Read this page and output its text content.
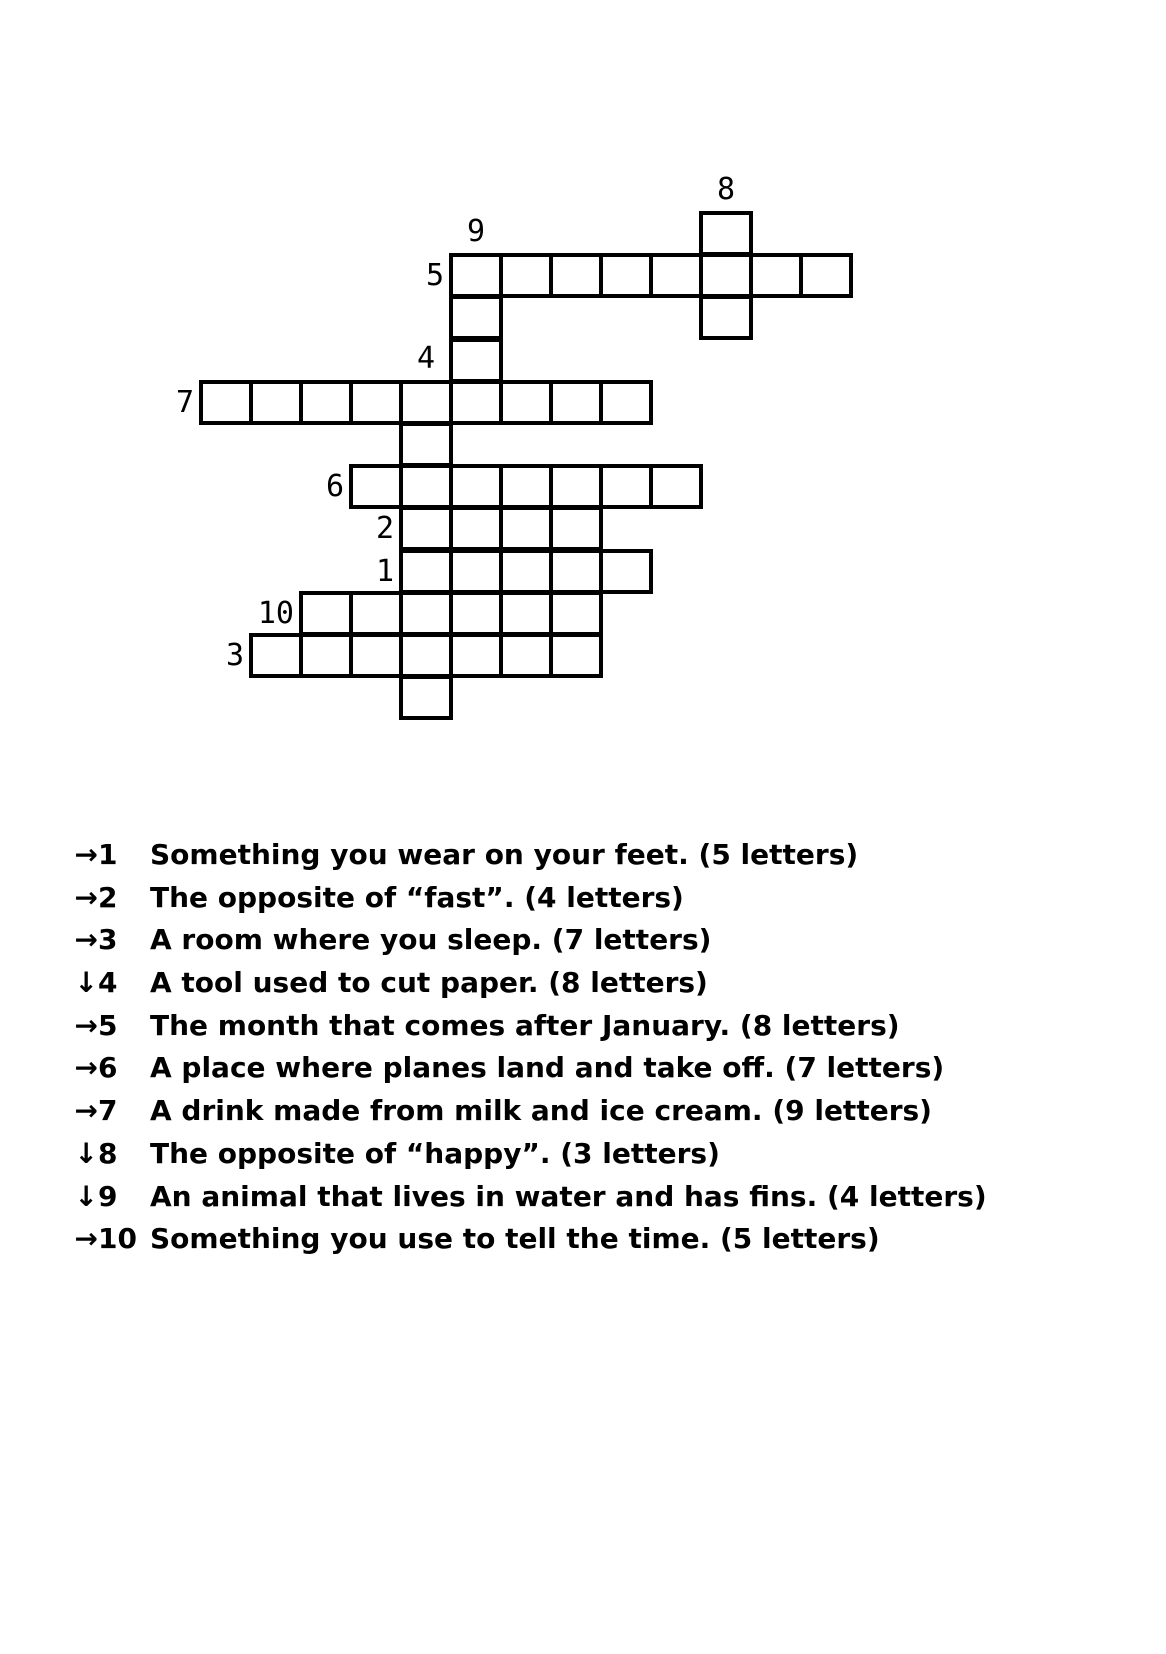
8
9
5
4
7
6
2
1
10
3
→ 1	Something you wear on your feet. (5 letters)
→ 2	The opposite of “fast”. (4 letters)
→ 3	A room where you sleep. (7 letters)
↓ 4	A tool used to cut paper. (8 letters)
→ 5	The month that comes after January. (8 letters)
→ 6	A place where planes land and take off. (7 letters)
→ 7	A drink made from milk and ice cream. (9 letters)
↓ 8	The opposite of “happy”. (3 letters)
↓ 9	An animal that lives in water and has fins. (4 letters)
→ 10 Something you use to tell the time. (5 letters)
